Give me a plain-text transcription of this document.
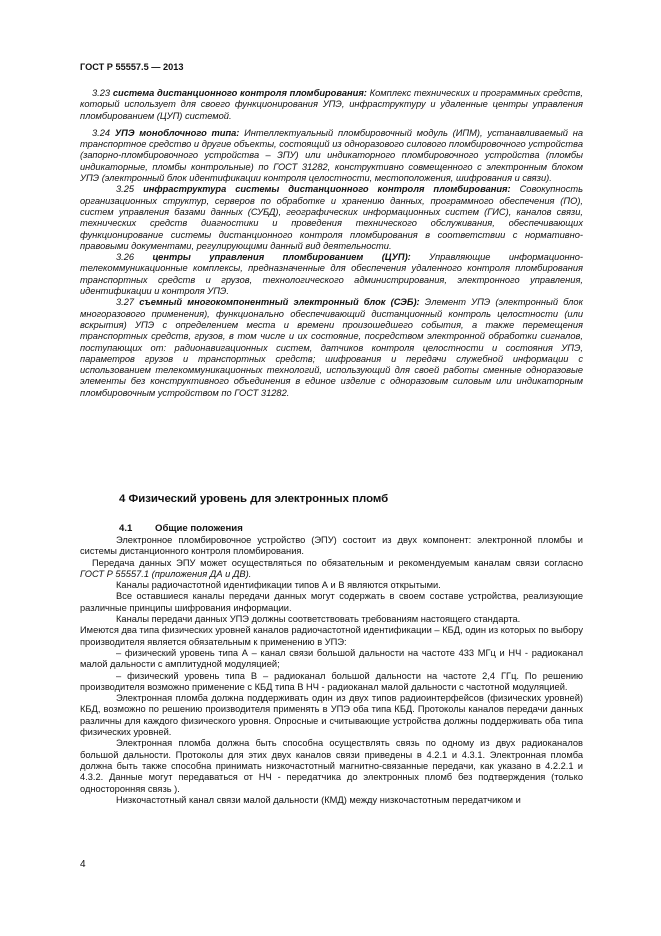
ГОСТ Р 55557.5 — 2013

3.23 система дистанционного контроля пломбирования: Комплекс технических и программных средств, который использует для своего функционирования УПЭ, инфраструктуру и удаленные центры управления пломбированием (ЦУП) системой.

3.24 УПЭ моноблочного типа: Интеллектуальный пломбировочный модуль (ИПМ), устанавливаемый на транспортное средство и другие объекты, состоящий из одноразового силового пломбировочного устройства (запорно-пломбировочного устройства – ЗПУ) или индикаторного пломбировочного устройства (пломбы индикаторные, пломбы контрольные) по ГОСТ 31282, конструктивно совмещенного с электронным блоком УПЭ (электронный блок идентификации контроля целостности, местоположения, шифрования и связи).

3.25 инфраструктура системы дистанционного контроля пломбирования: Совокупность организационных структур, серверов по обработке и хранению данных, программного обеспечения (ПО), систем управления базами данных (СУБД), географических информационных систем (ГИС), каналов связи, технических средств диагностики и проведения технического обслуживания, обеспечивающих функционирование системы дистанционного контроля пломбирования в соответствии с нормативно-правовыми документами, регулирующими данный вид деятельности.

3.26 центры управления пломбированием (ЦУП): Управляющие информационно-телекоммуникационные комплексы, предназначенные для обеспечения удаленного контроля пломбирования транспортных средств и грузов, технологического администрирования, электронного управления, идентификации и контроля УПЭ.

3.27 съемный многокомпонентный электронный блок (СЭБ): Элемент УПЭ (электронный блок многоразового применения), функционально обеспечивающий дистанционный контроль целостности (или вскрытия) УПЭ с определением места и времени произошедшего события, а также перемещения транспортных средств, грузов, в том числе и их состояние, посредством электронной обработки сигналов, поступающих от: радионавигационных систем, датчиков контроля целостности и состояния УПЭ, параметров грузов и транспортных средств; шифрования и передачи служебной информации с использованием телекоммуникационных технологий, использующий для своей работы сменные одноразовые элементы без конструктивного объединения в единое изделие с одноразовым силовым или индикаторным пломбировочным устройством по ГОСТ 31282.

4 Физический уровень для электронных пломб
4.1 Общие положения

Электронное пломбировочное устройство (ЭПУ) состоит из двух компонент: электронной пломбы и системы дистанционного контроля пломбирования.

Передача данных ЭПУ может осуществляться по обязательным и рекомендуемым каналам связи согласно ГОСТ Р 55557.1 (приложения ДА и ДВ).

Каналы радиочастотной идентификации типов А и В являются открытыми.

Все оставшиеся каналы передачи данных могут содержать в своем составе устройства, реализующие различные принципы шифрования информации.

Каналы передачи данных УПЭ должны соответствовать требованиям настоящего стандарта.

Имеются два типа физических уровней каналов радиочастотной идентификации – КБД, один из которых по выбору производителя является обязательным к применению в УПЭ:

– физический уровень типа А – канал связи большой дальности на частоте 433 МГц и НЧ - радиоканал малой дальности с амплитудной модуляцией;

– физический уровень типа В – радиоканал большой дальности на частоте 2,4 ГГц. По решению производителя возможно применение с КБД типа В НЧ - радиоканал малой дальности с частотной модуляцией.

Электронная пломба должна поддерживать один из двух типов радиоинтерфейсов (физических уровней) КБД, возможно по решению производителя применять в УПЭ оба типа КБД. Протоколы каналов передачи данных различны для каждого физического уровня. Опросные и считывающие устройства должны поддерживать оба типа физических уровней.

Электронная пломба должна быть способна осуществлять связь по одному из двух радиоканалов большой дальности. Протоколы для этих двух каналов связи приведены в 4.2.1 и 4.3.1. Электронная пломба должна быть также способна принимать низкочастотный магнитно-связанные передачи, как указано в 4.2.2.1 и 4.3.2. Данные могут передаваться от НЧ - передатчика до электронных пломб без подтверждения (только односторонняя связь ).

Низкочастотный канал связи малой дальности (КМД) между низкочастотным передатчиком и

4
